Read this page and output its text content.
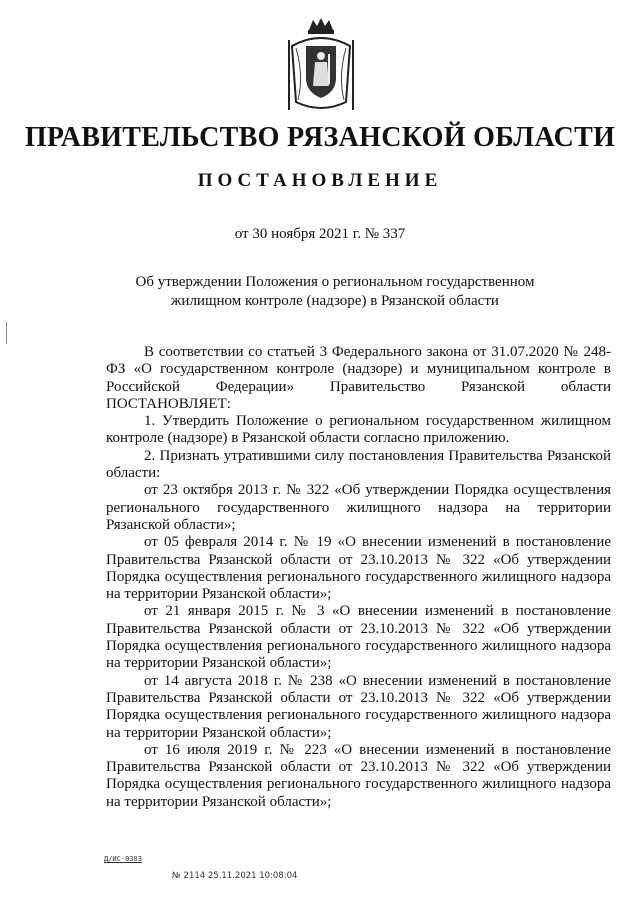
ПРАВИТЕЛЬСТВО РЯЗАНСКОЙ ОБЛАСТИ
ПОСТАНОВЛЕНИЕ
от 30 ноября 2021 г. № 337
Об утверждении Положения о региональном государственном
жилищном контроле (надзоре) в Рязанской области

В соответствии со статьей 3 Федерального закона от 31.07.2020 № 248-ФЗ «О государственном контроле (надзоре) и муниципальном контроле в Российской Федерации» Правительство Рязанской области ПОСТАНОВЛЯЕТ:

1. Утвердить Положение о региональном государственном жилищном контроле (надзоре) в Рязанской области согласно приложению.

2. Признать утратившими силу постановления Правительства Рязанской области:

от 23 октября 2013 г. № 322 «Об утверждении Порядка осуществления регионального государственного жилищного надзора на территории Рязанской области»;

от 05 февраля 2014 г. № 19 «О внесении изменений в постановление Правительства Рязанской области от 23.10.2013 № 322 «Об утверждении Порядка осуществления регионального государственного жилищного надзора на территории Рязанской области»;

от 21 января 2015 г. № 3 «О внесении изменений в постановление Правительства Рязанской области от 23.10.2013 № 322 «Об утверждении Порядка осуществления регионального государственного жилищного надзора на территории Рязанской области»;

от 14 августа 2018 г. № 238 «О внесении изменений в постановление Правительства Рязанской области от 23.10.2013 № 322 «Об утверждении Порядка осуществления регионального государственного жилищного надзора на территории Рязанской области»;

от 16 июля 2019 г. № 223 «О внесении изменений в постановление Правительства Рязанской области от 23.10.2013 № 322 «Об утверждении Порядка осуществления регионального государственного жилищного надзора на территории Рязанской области»;

Д/ИС-0303
№ 2114 25.11.2021 10:08:04
